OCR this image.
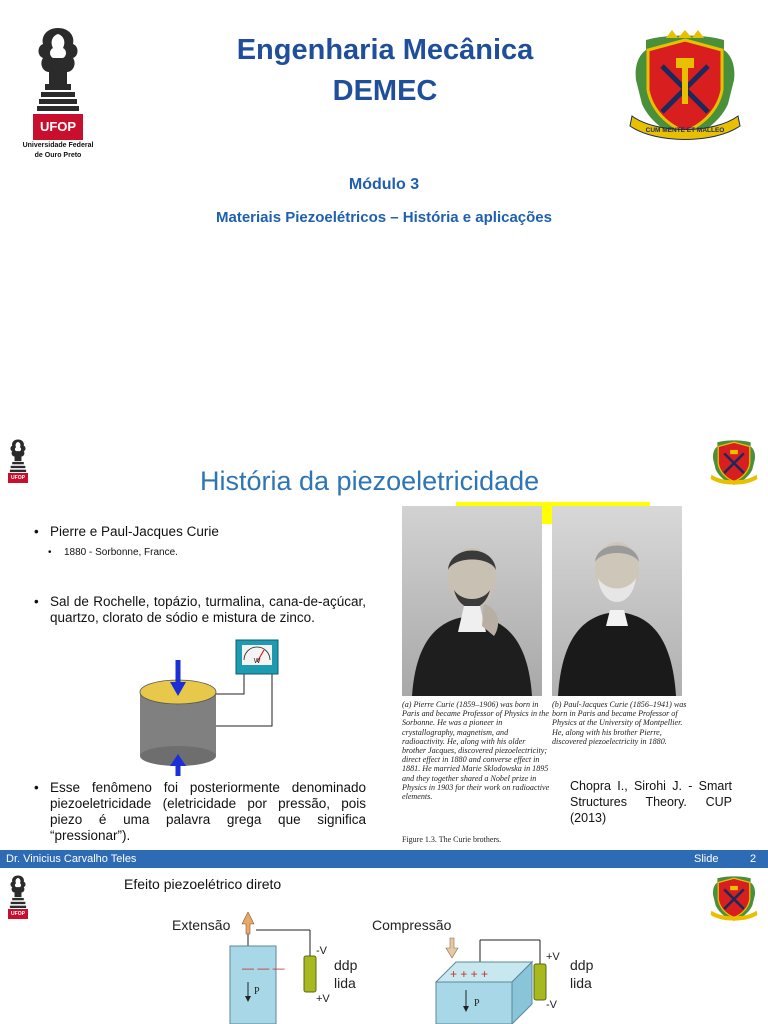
UFOP
Universidade Federal
de Ouro Preto
Engenharia Mecânica
DEMEC
CUM MENTE ET MALLEO
Módulo 3
Materiais Piezoelétricos – História e aplicações
UFOP	História da piezoeletricidade
• Pierre e Paul-Jacques Curie
• 1880 - Sorbonne, France.
• Sal de Rochelle, topázio, turmalina, cana-de-açúcar, quartzo, clorato de sódio e mistura de zinco.
W
• Esse fenômeno foi posteriormente denominado piezoeletricidade (eletricidade por pressão, pois piezo é uma palavra grega que significa “pressionar”).
(a) Pierre Curie (1859–1906) was born in Paris and became Professor of Physics in the Sorbonne. He was a pioneer in crystallography, magnetism, and radioactivity. He, along with his older brother Jacques, discovered piezoelectricity; direct effect in 1880 and converse effect in 1881. He married Marie Sklodowska in 1895 and they together shared a Nobel prize in Physics in 1903 for their work on radioactive elements.
(b) Paul-Jacques Curie (1856–1941) was born in Paris and became Professor of Physics at the University of Montpellier. He, along with his brother Pierre, discovered piezoelectricity in 1880.
Figure 1.3. The Curie brothers.
Chopra I., Sirohi J. - Smart Structures Theory. CUP (2013)
Dr. Vinicius Carvalho Teles	Slide	2
UFOP
Efeito piezoelétrico direto
Extensão
— — —
P
-V
+V
ddp
lida
Compressão
+ + + +
P
+V
-V
ddp
lida
